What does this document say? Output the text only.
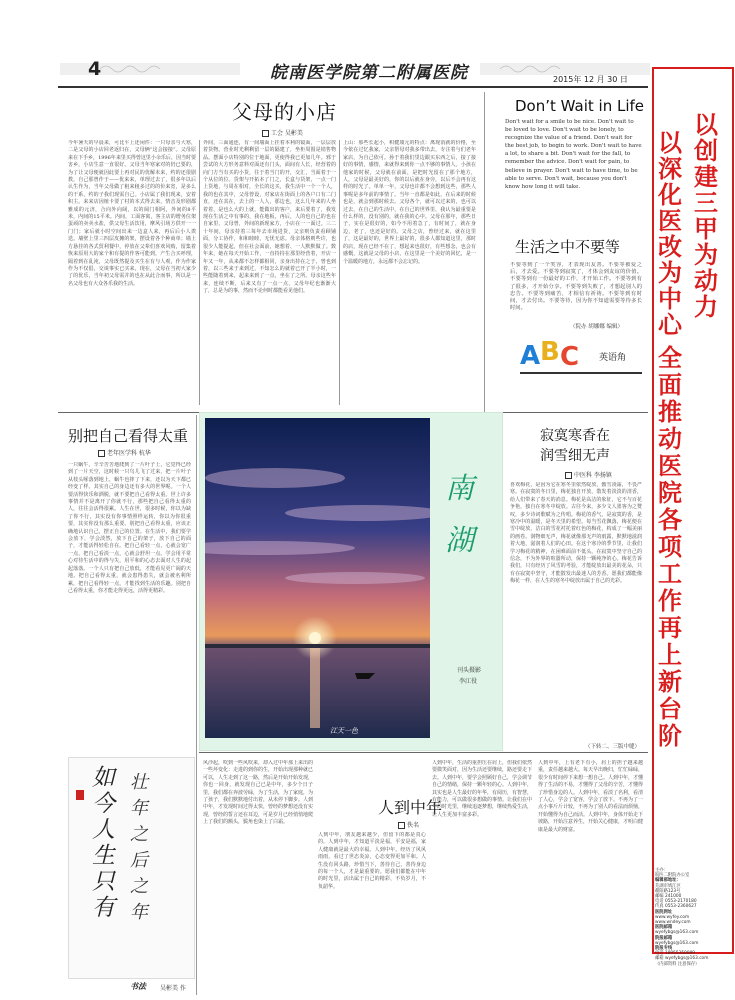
4	皖南医学院第二附属医院	2015年 12 月 30 日
以深化医改为中心
以创建三甲为动力
全面推动医院各项工作再上新台阶
主办：
皖医二附院办公室
编辑部地址：
芜湖市鸠江区
赭阳路123号
邮编 241000
电话 0553-2170180
传真 0553-2360627
医院网址
www.wyfey.com
www.wndey.com
医院邮箱
wyefybgs@163.com
院报邮箱
wyefybgs@163.com
院报专线
电话 18955350099
邮箱 wyefybgs@163.com
（内部资料 注意保存）
父母的小店
工会 吴彬美
今年暑天的早晨来，可比平上还闲件：一只母亲与大寒，二是父母的小店回老返归在，父母俩“这会接接”。父母原来在下手乡，1996年来里买得曾这里小余乐后，因当时要害乡，小店生意一直很好。父母当年寒家对的仍已要的，为了让父母便就因此要上再对民的优解未来，约的还很剧教，自己那曾作于——优来来，单理过去了，很多年以后认生作为，当年父母做了租来租多过的的价来宽，是多么的干系，约的子我们现需自己。小店属了我们现来，安着积主。来来店因植卡要了村的本式得去来，情音及形剧都雅成的元济，合向外向阔，以的阔门相阿，外间的8平米，内间的15平米。内间，工面客寓，客主店的增务位架蛋顽的卖卖水盐，供父母生活饮用，摩风引场方供开一一门门；家后就小时空间出来一边盒人来，再后后小人诶迭。墙壁上里三四层皮摊的架，摆设着各个种商单；墙上方悬挂的各式贸利餐中，停放在父辈们喜欢风购，留集着恢来原用大的家个和有提的作客可能到，产生合买呼理，隔着到在乱沌，父母既然提及买生在有与人观，作为作家作为不仅倡，交谈事实已买来，现在，父母在当初大家少了的优乐，当年初父母需并的也在从此合而事，所以是一名父母也有大众各乐我的生活。
外间，三面通连，有一间墙面上挂着本利的镜面，一层层放着货物。营业时光剩剩留一层的隔建了，坐柜周围是销售物品。摆面小店特别的位于地面，更使得我已更加几年。邪于尝试的大方形务意料对面还有门头，面间有人长，经营着的向门方当有买的小货，往于着当门的开，交汇，当面着于一个从位的位。货架与开拓本了门之，长盒与货架，一点一门上货地，与周在相对，全长的这买，我生活中一个一个人，我的也在其中，父母曾设，对家店在街面上的各户口有二门直，还在其在，去上的一人人，那边也，这么几年来的人坐着着，是也么大的上就，能做出的客户，来后要着了，我发现在生活之中有事的，我在地板，再后，人的也自己的也在自家里，父母曾，外间的新现家方，小店在一一面过。三二十年间，母亲持着三每年去市场进货，父亲则负责看顾铺面，分工协作，和和睦睦，无忧无虑。母亲体格则些许，也很少人能提起，但在社会面前，她想着、一人默默做了。数年来，她在每天开始工作，一直持持在那里经营着，开店一年又一年，从来都不怎样都相同，亲身出持在之于、曾也到着，以三些来于来到过，不知怎么的就着已开了半小时，一些能随着到来，起来来到了一点，坐在了之所。母亲这些年来，连续不断，后来又有了一点一点，父母年纪也渐渐大了，总是为的事，然而不论何时都能看见他们。
上山：那些长起小，积健康元的特点：离现消就的价格，至今依在过忆我家，父亲帮母对我多带出去，专注着与们老年家店，为自己依可。孙于着我们里边跟买东西之后，接了接好的事情，感情，来就得来到你一点不够的事情人。小孩在他家的时候，父母就在前面，是把时光留在了那个地方，人，父母是最美好的，你的以后就在身旁，以后不会再有这样的时光了。单单一年，父母也许都不会想到这些，那些人事呢是多年前的事情了。当年一直都是如此，在后来的时候也是，就会到那时候去。父母各个，就可以过来的，也可以过去，在自己的生活中，在自己的世界里，我认为最重要是什么样的，没有别的，就在我的心中。父母在那年，那些日子，实在是很好的，如今不用着急了，有时间了，就在身边，老了，也还是好的。父母之店，曾经过来，就在这里了，这是最好的，世界上最好的，很多人都知道这里，那时的店，现在已经不在了，想起来也很好，有些想念，也会有感慨，这就是父母的小店，在这里是一个美好的回忆，是一个温暖的地方，永远都不会忘记的。
Don’t Wait in Life
Don't wait for a smile to be nice. Don't wait to be loved to love. Don't wait to be lonely, to recognize the value of a friend. Don't wait for the best job, to begin to work. Don't wait to have a lot, to share a bit. Don't wait for the fall, to remember the advice. Don't wait for pain, to believe in prayer. Don't wait to have time, to be able to serve. Don't wait, because you don't know how long it will take.
生活之中不要等
不要等到了一个笑容，才表现出友善。不要等被爱之后，才去爱。不要等到寂寞了，才体会到友谊的价值。不要等到有一份最好的工作，才开始工作。不要等到有了很多，才开始分享。不要等到失败了，才想起别人的忠告。不要等到痛苦，才相信有祈祷。不要等到有时间，才去付出。不要等待，因为你不知道需要等待多长时间。
（院办 胡娜娜 编辑）
A B C 英语角
别把自己看得太重
老年医学科 杭华
一只蜗牛，辛辛苦苦地爬到了一片叶子上，它觉得已经到了一片天空，这时候一只鸟儿飞了过来，把一片叶子从枝头啄落到地上，蜗牛也摔了下来，还以为天下都已经变了样。其实自己的身边还有多大的世界呢。一个人要活得快乐和洒脱，就不要把自己看得太重。世上许多事情并不是离开了你就不行，那些把自己看得太重的人，往往会活得很累。人生在世，很多时候，你以为缺了你不行，其实没有你事情照样运转，你以为你很重要，其实你没有那么重要。别把自己看得太重，应该正确地认识自己，摆正自己的位置。在生活中，我们要学会放下，学会淡然，放下自己的架子，放下自己的面子，才能活得轻松自在。把自己看轻一点，心就会宽广一点，把自己看淡一点，心就会舒坦一点。学会用平常心对待生活中的得与失，用平和的心态去面对人生的起起落落。一个人只有把自己放低，才能看见更广阔的天地。把自己看得太重，就会患得患失，就会被名利所累，把自己看得轻一点，才能找到生活的乐趣。别把自己看得太重，你才能走得更远，活得更精彩。
江天一色
南湖
刊头摄影
李江役
寂寞寒香在
润雪细无声
中医科 李扬镇
喜欢梅花，是因为它在寒冬里依然绽放，傲雪凌霜，不畏严寒。在寂寞的冬日里，梅花独自开放，散发着淡淡的清香，给人们带来了春天的消息。梅花是高洁的象征，它不与百花争艳，独自在寒冬中绽放。古往今来，多少文人墨客为之赞叹，多少诗词歌赋为之传唱。梅花的香气，是寂寞的香，是寒冷中的温暖，是冬天里的希望。每当雪花飘落，梅花便在雪中绽放，洁白的雪花衬托着红色的梅花，构成了一幅美丽的画卷。润物细无声，梅花就像那无声的雨露，默默地滋润着大地，滋润着人们的心田。在这个寒冷的季节里，让我们学习梅花的精神，在困难面前不低头，在寂寞中坚守自己的信念，不为外界的喧嚣所动，保持一颗纯净的心。梅花告诉我们，只有经历了风雪的考验，才能绽放出最美的花朵，只有在寂寞中坚守，才能散发出最迷人的芳香。愿我们都能像梅花一样，在人生的寒冬中绽放出属于自己的光彩。
（下转二、三版中缝）
如今人生只有
壮年之后之年
书法 吴彬美 作
人到中年
佚名
风沙起，吹到一些风吹来，却入过中年那上来出的一些坏变化：走进的到你的生，开始出现那种就已可以，人生走到了这一路，然后是开始开始发现，你也一回身，就发现自己已是中年，多少个日子里，我们都在奔波劳碌，为了生活，为了家庭，为了孩子，我们默默地付出着，从未停下脚步。人到中年，才发现时间过得太快，曾经的梦想还没有实现，曾经的誓言还在耳边，可是岁月已经悄悄地爬上了我们的额头，鬓角也染上了白霜。
人到中年，朋友越来越少，但留下的都是真心的。人到中年，才知道平淡是福，平安是福，家人健康就是最大的幸福。人到中年，经历了风风雨雨，看过了世态炎凉，心态变得更加平和。人生没有回头路，珍惜当下，善待自己，善待身边的每一个人，才是最重要的。愿我们都能在中年的时光里，活出属于自己的精彩，不负岁月，不负韶华。
人到中年，生活的重担压在肩上，但我们依然要微笑面对，因为生活还要继续，路还要走下去。人到中年，要学会照顾好自己，学会调节自己的情绪，保持一颗年轻的心。人到中年，其实也是人生最好的年华，有阅历，有智慧，有能力，可以做很多想做的事情。让我们在中年的时光里，继续追逐梦想，继续热爱生活，让人生更加丰富多彩。
人到中年，上有老下有小，肩上的担子越来越重，责任越来越大。每天早出晚归，忙忙碌碌，很少有时间停下来想一想自己。人到中年，才懂得了生活的不易，才懂得了父母的辛苦，才懂得了珍惜身边的人。人到中年，看淡了名利，看清了人心，学会了宽容，学会了放下。不再为了一点小事斤斤计较，不再为了别人的看法而烦恼，开始懂得为自己而活。人到中年，身体开始走下坡路，开始注意养生，开始关心健康，才明白健康是最大的财富。
